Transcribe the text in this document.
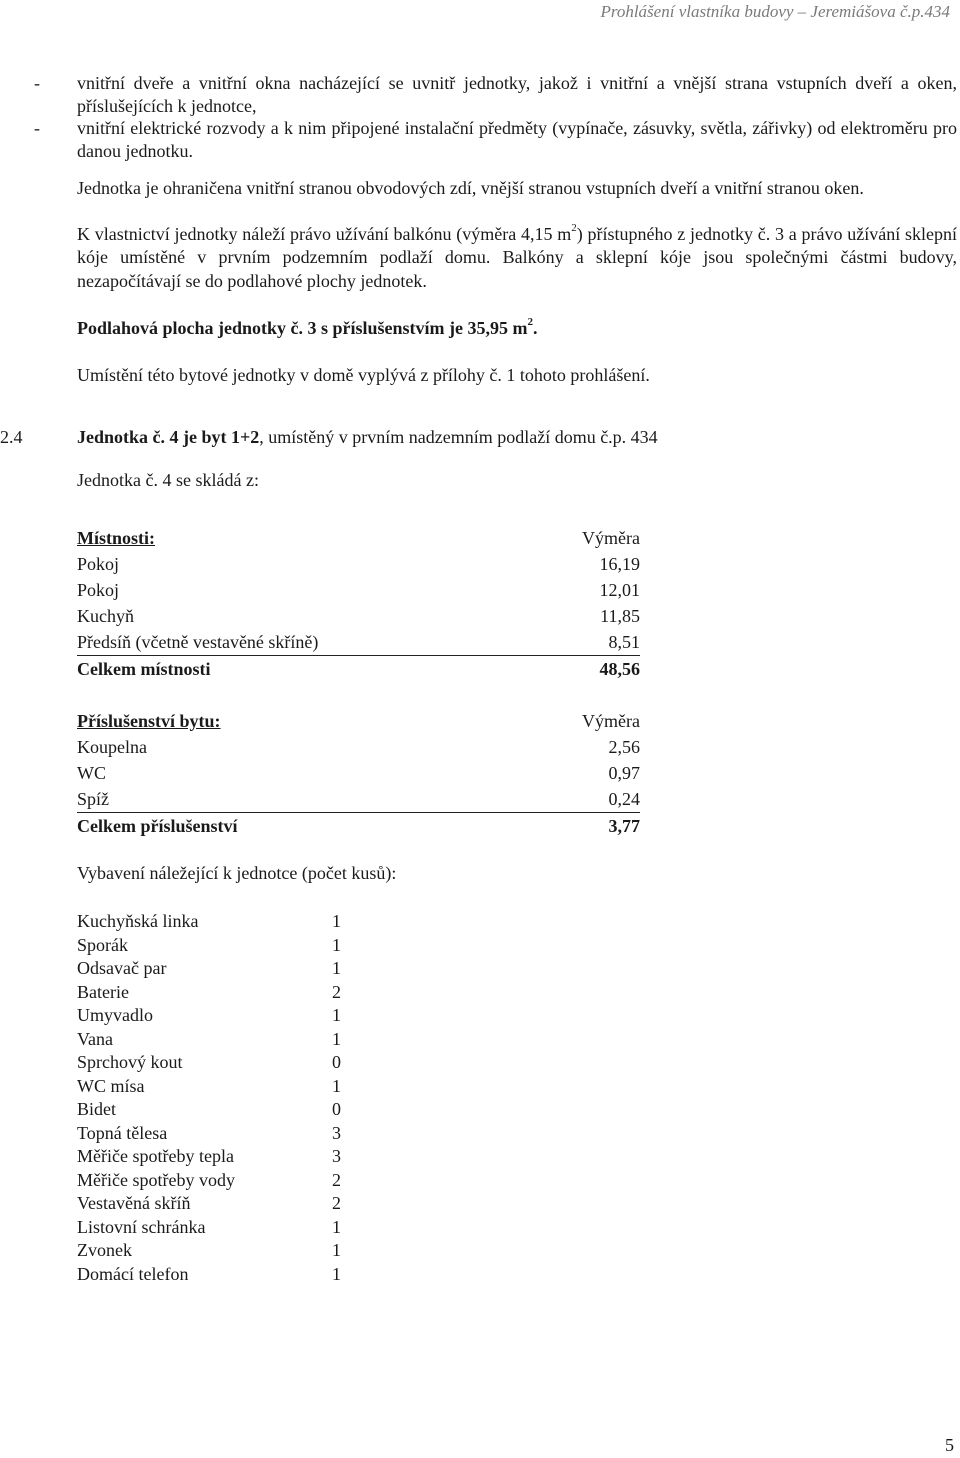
Prohlášení vlastníka budovy – Jeremiášova č.p.434
- vnitřní dveře a vnitřní okna nacházející se uvnitř jednotky, jakož i vnitřní a vnější strana vstupních dveří a oken, příslušejících k jednotce,
- vnitřní elektrické rozvody a k nim připojené instalační předměty (vypínače, zásuvky, světla, zářivky) od elektroměru pro danou jednotku.
Jednotka je ohraničena vnitřní stranou obvodových zdí, vnější stranou vstupních dveří a vnitřní stranou oken.
K vlastnictví jednotky náleží právo užívání balkónu (výměra 4,15 $m^2$) přístupného z jednotky č. 3 a právo užívání sklepní kóje umístěné v prvním podzemním podlaží domu. Balkóny a sklepní kóje jsou společnými částmi budovy, nezapočítávají se do podlahové plochy jednotek.
Podlahová plocha jednotky č. 3 s příslušenstvím je 35,95 $m^2$.
Umístění této bytové jednotky v domě vyplývá z přílohy č. 1 tohoto prohlášení.
2.4	Jednotka č. 4 je byt 1+2, umístěný v prvním nadzemním podlaží domu č.p. 434
Jednotka č. 4 se skládá z:
Místnosti:	Výměra
Pokoj	16,19
Pokoj	12,01
Kuchyň	11,85
Předsíň (včetně vestavěné skříně)	8,51
Celkem místnosti	48,56

Příslušenství bytu:	Výměra
Koupelna	2,56
WC	0,97
Spíž	0,24
Celkem příslušenství	3,77
Vybavení náležející k jednotce (počet kusů):
Kuchyňská linka	1
Sporák	1
Odsavač par	1
Baterie	2
Umyvadlo	1
Vana	1
Sprchový kout	0
WC mísa	1
Bidet	0
Topná tělesa	3
Měřiče spotřeby tepla	3
Měřiče spotřeby vody	2
Vestavěná skříň	2
Listovní schránka	1
Zvonek	1
Domácí telefon	1
5
